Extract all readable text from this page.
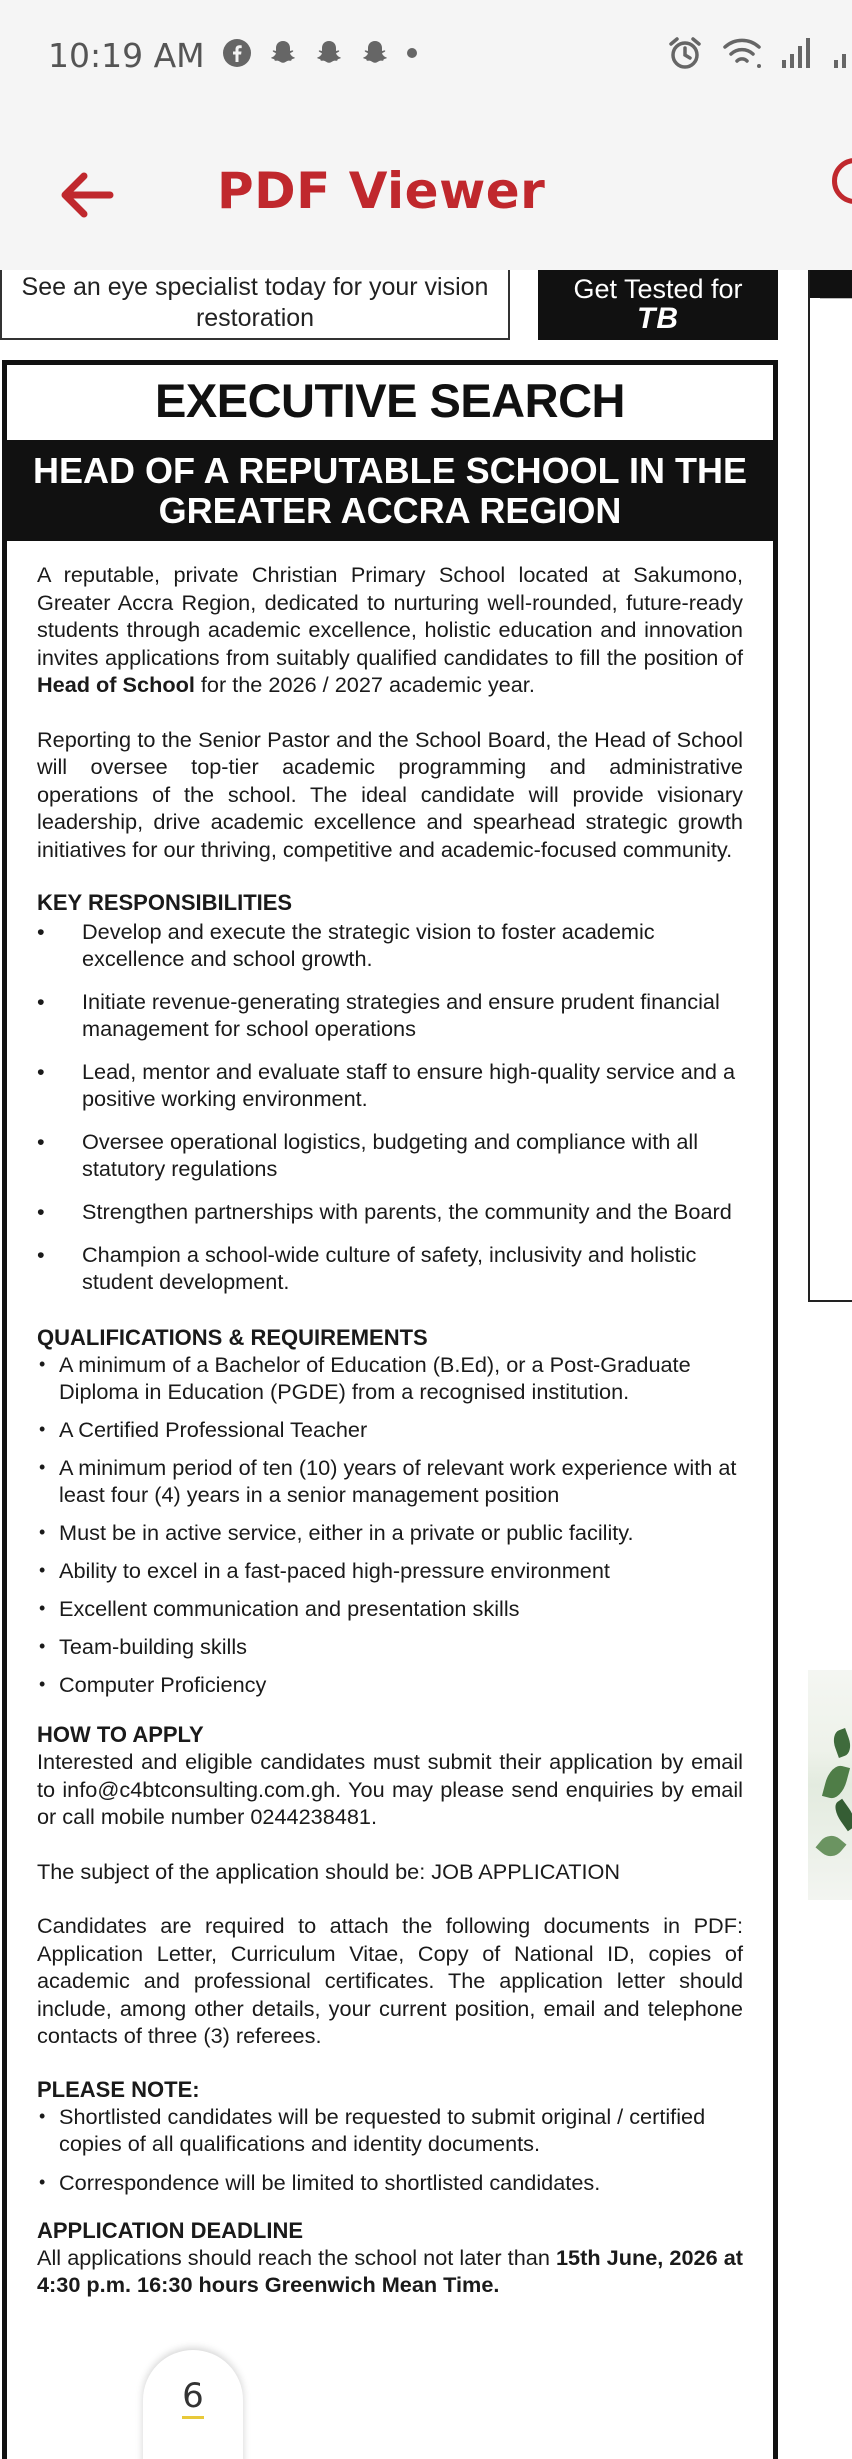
10:19 AM
PDF Viewer
See an eye specialist today for your vision restoration
Get Tested for
TB
EXECUTIVE SEARCH
HEAD OF A REPUTABLE SCHOOL IN THE GREATER ACCRA REGION

A reputable, private Christian Primary School located at Sakumono, Greater Accra Region, dedicated to nurturing well-rounded, future-ready students through academic excellence, holistic education and innovation invites applications from suitably qualified candidates to fill the position of Head of School for the 2026 / 2027 academic year.

Reporting to the Senior Pastor and the School Board, the Head of School will oversee top-tier academic programming and administrative operations of the school. The ideal candidate will provide visionary leadership, drive academic excellence and spearhead strategic growth initiatives for our thriving, competitive and academic-focused community.

KEY RESPONSIBILITIES
• Develop and execute the strategic vision to foster academic excellence and school growth.
• Initiate revenue-generating strategies and ensure prudent financial management for school operations
• Lead, mentor and evaluate staff to ensure high-quality service and a positive working environment.
• Oversee operational logistics, budgeting and compliance with all statutory regulations
• Strengthen partnerships with parents, the community and the Board
• Champion a school-wide culture of safety, inclusivity and holistic student development.
QUALIFICATIONS & REQUIREMENTS
• A minimum of a Bachelor of Education (B.Ed), or a Post-Graduate Diploma in Education (PGDE) from a recognised institution.
• A Certified Professional Teacher
• A minimum period of ten (10) years of relevant work experience with at least four (4) years in a senior management position
• Must be in active service, either in a private or public facility.
• Ability to excel in a fast-paced high-pressure environment
• Excellent communication and presentation skills
• Team-building skills
• Computer Proficiency
HOW TO APPLY

Interested and eligible candidates must submit their application by email to info@c4btconsulting.com.gh. You may please send enquiries by email or call mobile number 0244238481.

The subject of the application should be: JOB APPLICATION

Candidates are required to attach the following documents in PDF: Application Letter, Curriculum Vitae, Copy of National ID, copies of academic and professional certificates. The application letter should include, among other details, your current position, email and telephone contacts of three (3) referees.

PLEASE NOTE:
• Shortlisted candidates will be requested to submit original / certified copies of all qualifications and identity documents.
• Correspondence will be limited to shortlisted candidates.
APPLICATION DEADLINE

All applications should reach the school not later than 15th June, 2026 at 4:30 p.m. 16:30 hours Greenwich Mean Time.

6
